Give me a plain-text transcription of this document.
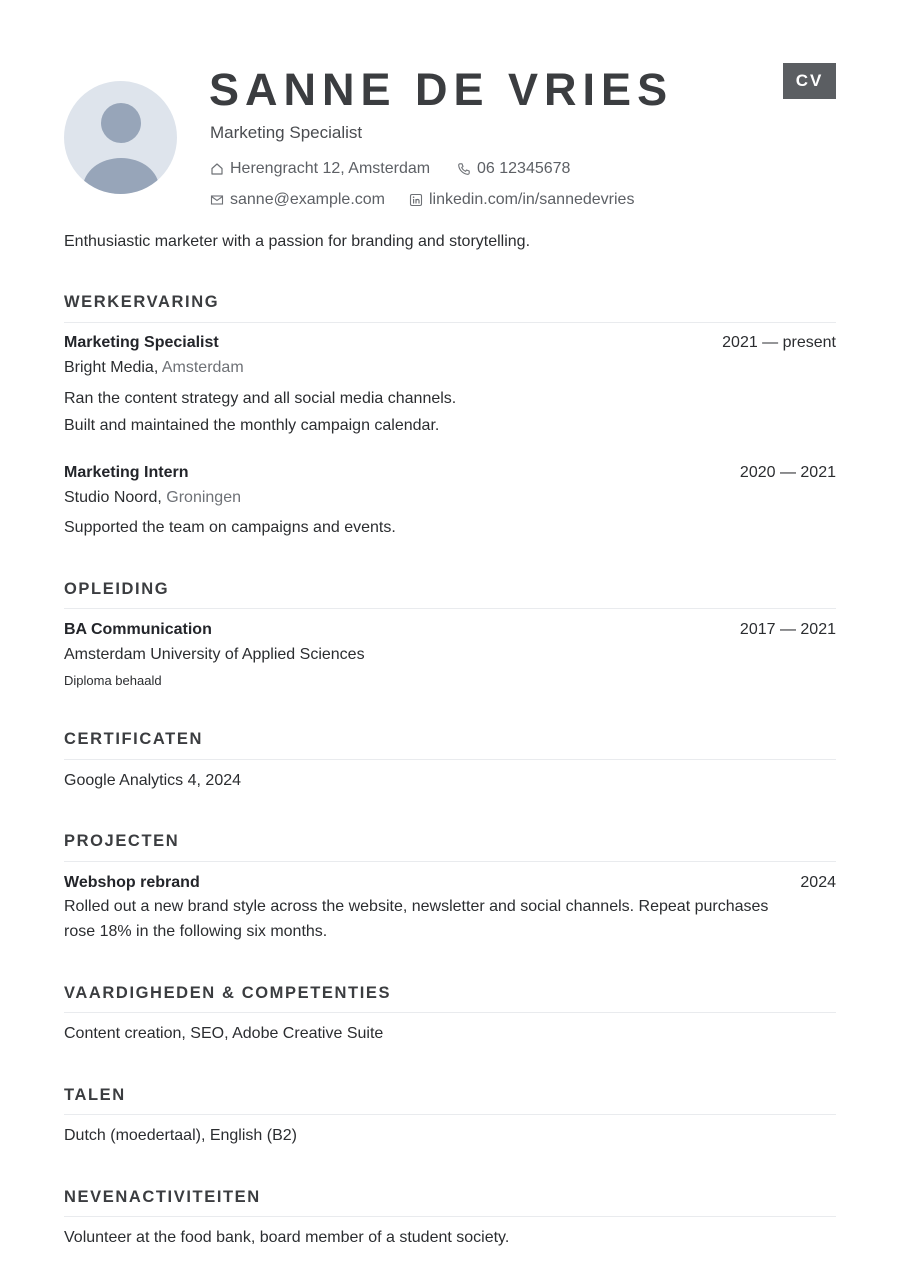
SANNE DE VRIES
Marketing Specialist
CV
Herengracht 12, Amsterdam	06 12345678
sanne@example.com	linkedin.com/in/sannedevries
Enthusiastic marketer with a passion for branding and storytelling.
WERKERVARING
Marketing Specialist	2021 — present
Bright Media, Amsterdam
Ran the content strategy and all social media channels.
Built and maintained the monthly campaign calendar.
Marketing Intern	2020 — 2021
Studio Noord, Groningen
Supported the team on campaigns and events.
OPLEIDING
BA Communication	2017 — 2021
Amsterdam University of Applied Sciences
Diploma behaald
CERTIFICATEN
Google Analytics 4, 2024
PROJECTEN
Webshop rebrand	2024
Rolled out a new brand style across the website, newsletter and social channels. Repeat purchases
rose 18% in the following six months.
VAARDIGHEDEN & COMPETENTIES
Content creation, SEO, Adobe Creative Suite
TALEN
Dutch (moedertaal), English (B2)
NEVENACTIVITEITEN
Volunteer at the food bank, board member of a student society.
